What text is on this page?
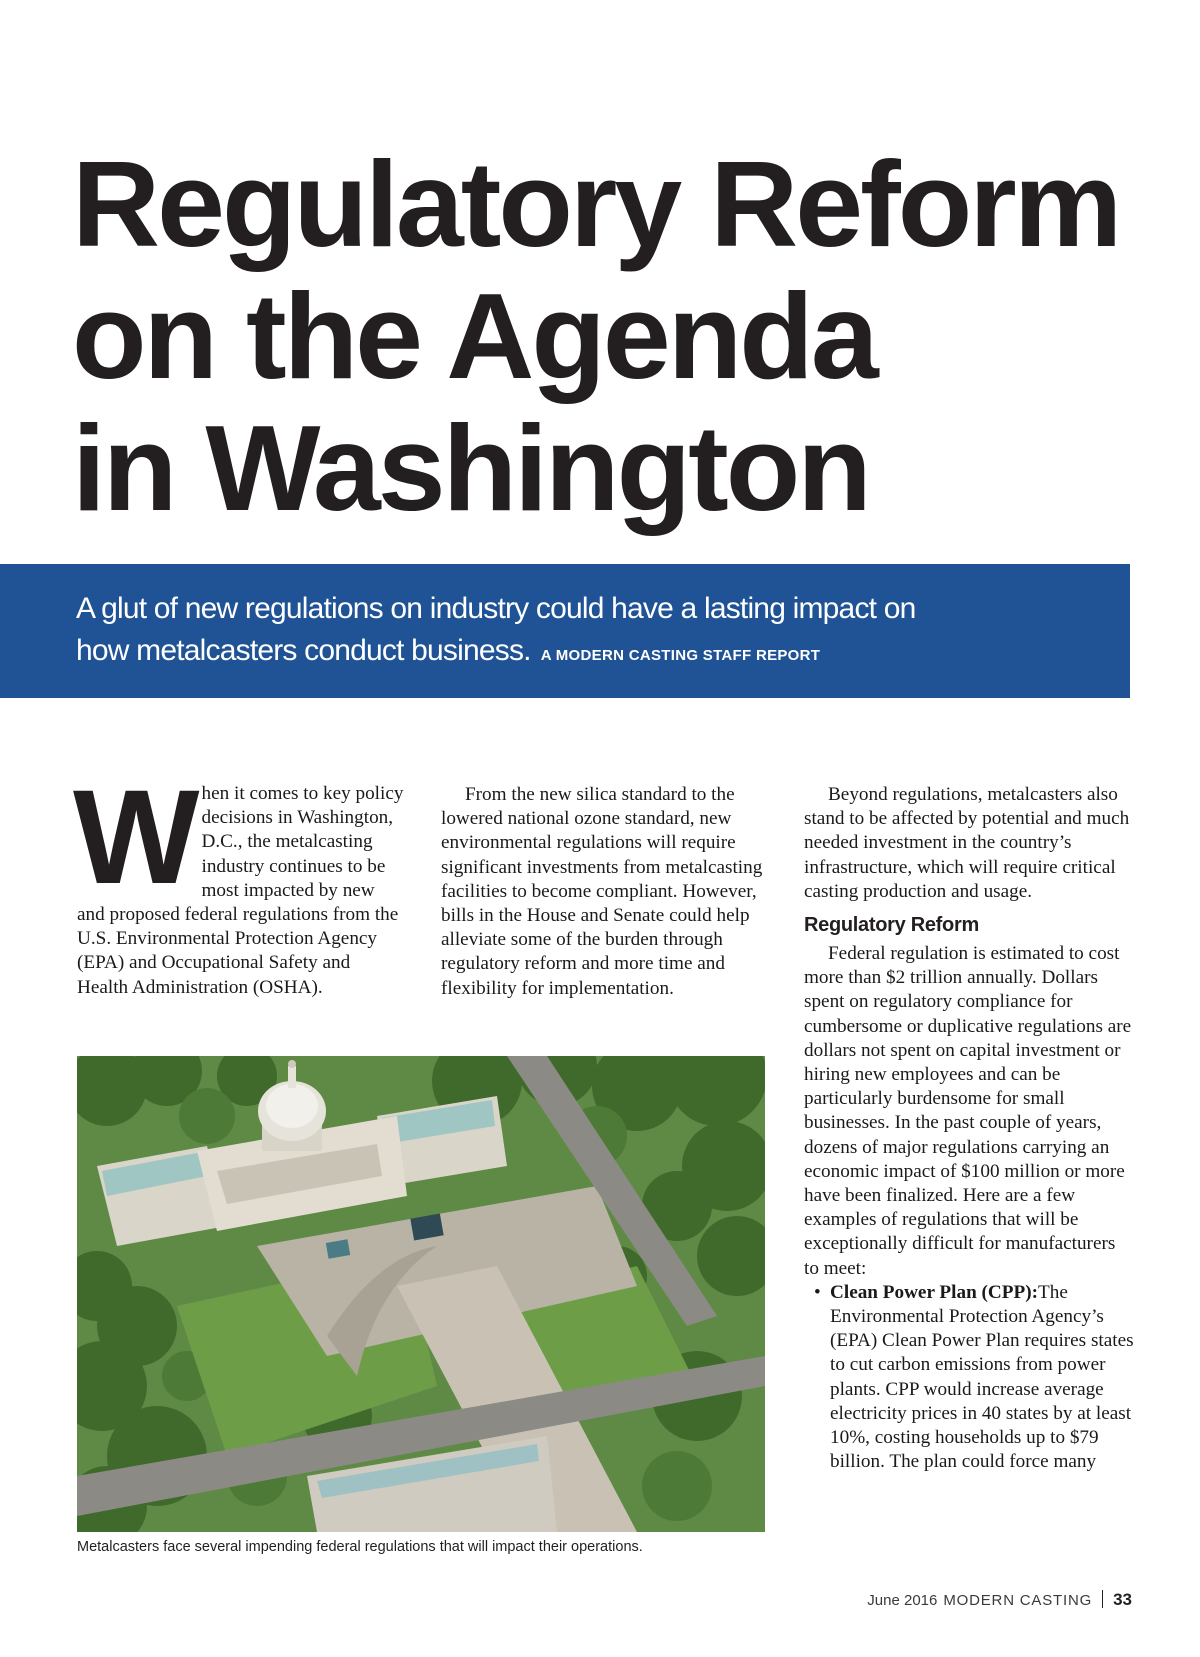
Regulatory Reform
on the Agenda
in Washington
A glut of new regulations on industry could have a lasting impact on
how metalcasters conduct business. A MODERN CASTING STAFF REPORT
W hen it comes to key policy decisions in Washington, D.C., the metalcasting industry continues to be most impacted by new and proposed federal regulations from the U.S. Environmental Protection Agency (EPA) and Occupational Safety and Health Administration (OSHA).

From the new silica standard to the lowered national ozone standard, new environmental regulations will require significant investments from metalcasting facilities to become compliant. However, bills in the House and Senate could help alleviate some of the burden through regulatory reform and more time and flexibility for implementation.

Beyond regulations, metalcasters also stand to be affected by potential and much needed investment in the country’s infrastructure, which will require critical casting production and usage.

Regulatory Reform

Federal regulation is estimated to cost more than $2 trillion annually. Dollars spent on regulatory compliance for cumbersome or duplicative regulations are dollars not spent on capital investment or hiring new employees and can be particularly burdensome for small businesses. In the past couple of years, dozens of major regulations carrying an economic impact of $100 million or more have been finalized. Here are a few examples of regulations that will be exceptionally difficult for manufacturers to meet:

• Clean Power Plan (CPP):The Environmental Protection Agency’s (EPA) Clean Power Plan requires states to cut carbon emissions from power plants. CPP would increase average electricity prices in 40 states by at least 10%, costing households up to $79 billion. The plan could force many

Metalcasters face several impending federal regulations that will impact their operations.
June 2016 MODERN CASTING 33
